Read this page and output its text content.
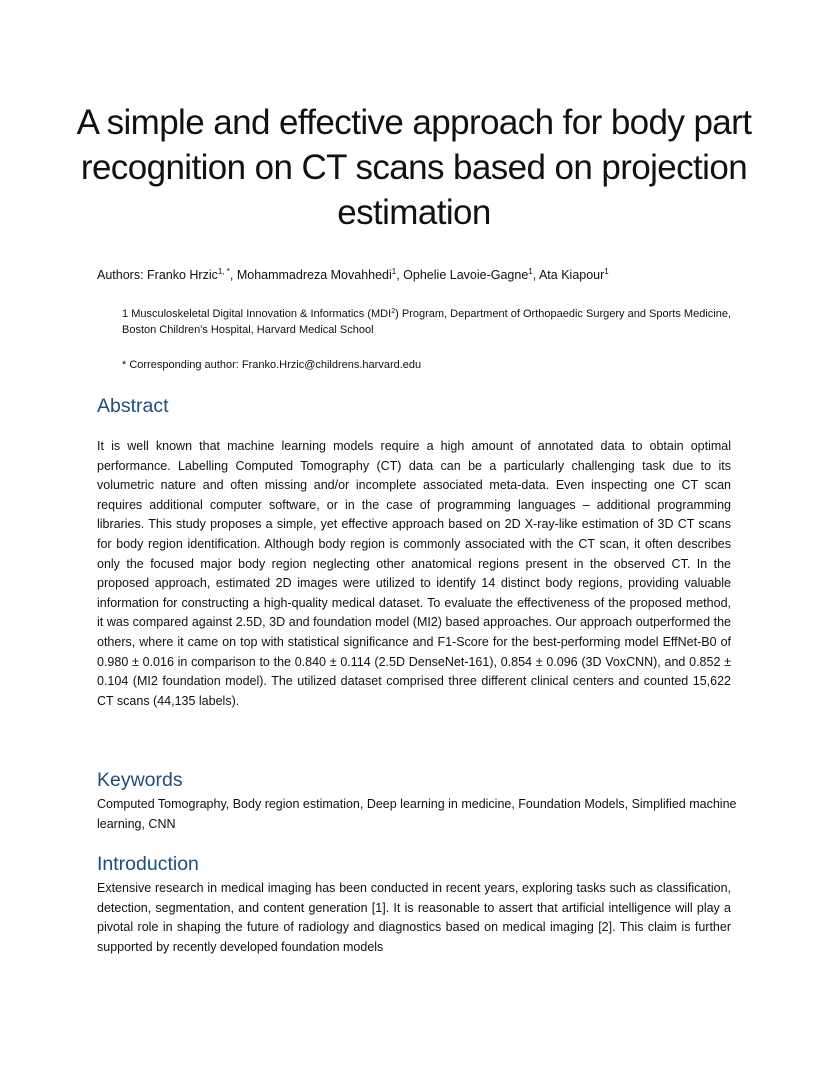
A simple and effective approach for body part recognition on CT scans based on projection estimation

Authors: Franko Hrzic$^{1, *}$, Mohammadreza Movahhedi$^1$, Ophelie Lavoie-Gagne$^1$, Ata Kiapour$^1$

1 Musculoskeletal Digital Innovation & Informatics (MDI$^2$) Program, Department of Orthopaedic Surgery and Sports Medicine, Boston Children's Hospital, Harvard Medical School

* Corresponding author: Franko.Hrzic@childrens.harvard.edu

Abstract

It is well known that machine learning models require a high amount of annotated data to obtain optimal performance. Labelling Computed Tomography (CT) data can be a particularly challenging task due to its volumetric nature and often missing and/or incomplete associated meta-data. Even inspecting one CT scan requires additional computer software, or in the case of programming languages – additional programming libraries. This study proposes a simple, yet effective approach based on 2D X-ray-like estimation of 3D CT scans for body region identification. Although body region is commonly associated with the CT scan, it often describes only the focused major body region neglecting other anatomical regions present in the observed CT. In the proposed approach, estimated 2D images were utilized to identify 14 distinct body regions, providing valuable information for constructing a high-quality medical dataset. To evaluate the effectiveness of the proposed method, it was compared against 2.5D, 3D and foundation model (MI2) based approaches. Our approach outperformed the others, where it came on top with statistical significance and F1-Score for the best-performing model EffNet-B0 of 0.980 ± 0.016 in comparison to the 0.840 ± 0.114 (2.5D DenseNet-161), 0.854 ± 0.096 (3D VoxCNN), and 0.852 ± 0.104 (MI2 foundation model). The utilized dataset comprised three different clinical centers and counted 15,622 CT scans (44,135 labels).

Keywords

Computed Tomography, Body region estimation, Deep learning in medicine, Foundation Models, Simplified machine learning, CNN

Introduction

Extensive research in medical imaging has been conducted in recent years, exploring tasks such as classification, detection, segmentation, and content generation [1]. It is reasonable to assert that artificial intelligence will play a pivotal role in shaping the future of radiology and diagnostics based on medical imaging [2]. This claim is further supported by recently developed foundation models
